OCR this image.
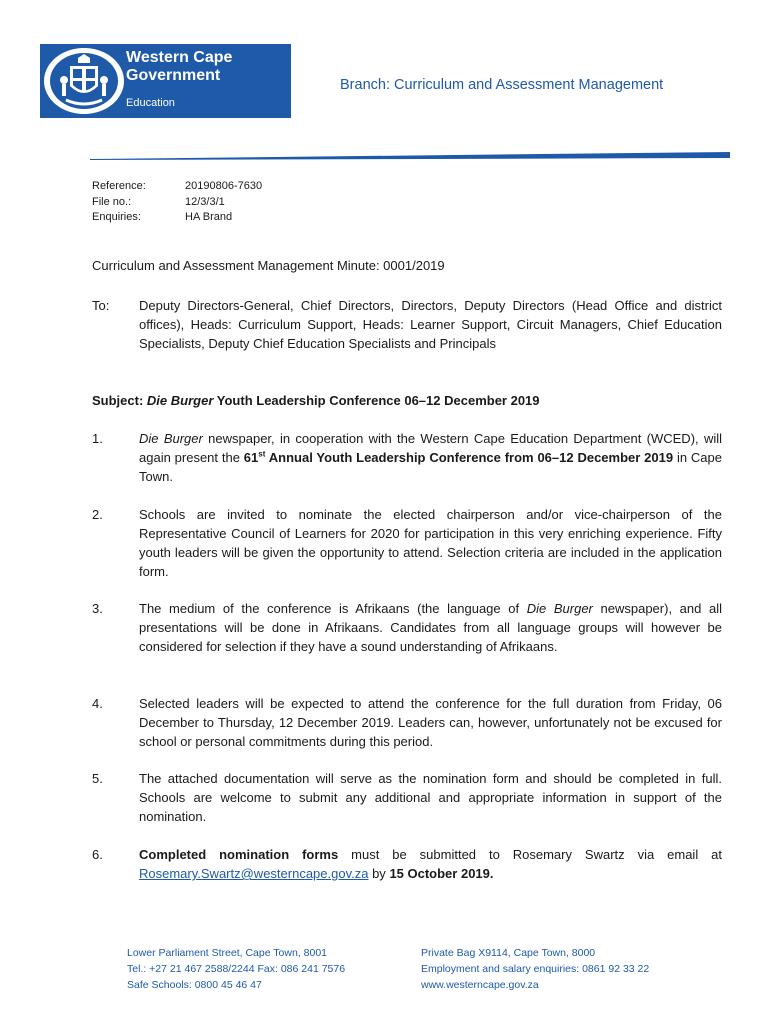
Western Cape
Government
Education
Branch: Curriculum and Assessment Management
Reference:	20190806-7630
File no.:	12/3/3/1
Enquiries:	HA Brand
Curriculum and Assessment Management Minute: 0001/2019
To: Deputy Directors-General, Chief Directors, Directors, Deputy Directors (Head Office and district offices), Heads: Curriculum Support, Heads: Learner Support, Circuit Managers, Chief Education Specialists, Deputy Chief Education Specialists and Principals
Subject: Die Burger Youth Leadership Conference 06–12 December 2019
1.	Die Burger newspaper, in cooperation with the Western Cape Education Department (WCED), will again present the 61st Annual Youth Leadership Conference from 06–12 December 2019 in Cape Town.
2.	Schools are invited to nominate the elected chairperson and/or vice-chairperson of the Representative Council of Learners for 2020 for participation in this very enriching experience. Fifty youth leaders will be given the opportunity to attend. Selection criteria are included in the application form.
3.	The medium of the conference is Afrikaans (the language of Die Burger newspaper), and all presentations will be done in Afrikaans. Candidates from all language groups will however be considered for selection if they have a sound understanding of Afrikaans.
4.	Selected leaders will be expected to attend the conference for the full duration from Friday, 06 December to Thursday, 12 December 2019. Leaders can, however, unfortunately not be excused for school or personal commitments during this period.
5.	The attached documentation will serve as the nomination form and should be completed in full. Schools are welcome to submit any additional and appropriate information in support of the nomination.
6.	Completed nomination forms must be submitted to Rosemary Swartz via email at Rosemary.Swartz@westerncape.gov.za by 15 October 2019.
Lower Parliament Street, Cape Town, 8001
Tel.: +27 21 467 2588/2244 Fax: 086 241 7576
Safe Schools: 0800 45 46 47
Private Bag X9114, Cape Town, 8000
Employment and salary enquiries: 0861 92 33 22
www.westerncape.gov.za
